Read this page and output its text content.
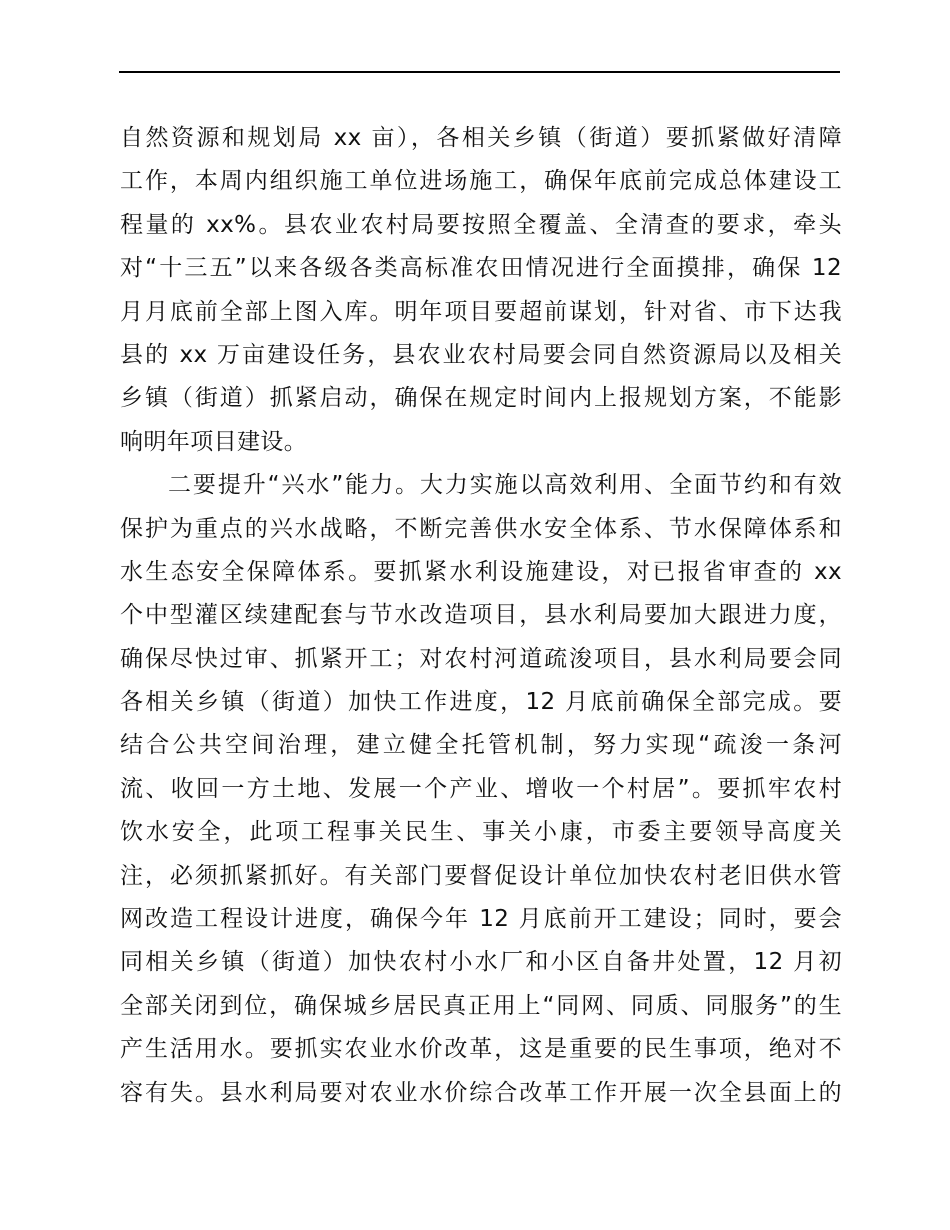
自然资源和规划局 xx 亩），各相关乡镇（街道）要抓紧做好清障
工作，本周内组织施工单位进场施工，确保年底前完成总体建设工
程量的 xx%。县农业农村局要按照全覆盖、全清查的要求，牵头
对“十三五”以来各级各类高标准农田情况进行全面摸排，确保 12
月月底前全部上图入库。明年项目要超前谋划，针对省、市下达我
县的 xx 万亩建设任务，县农业农村局要会同自然资源局以及相关
乡镇（街道）抓紧启动，确保在规定时间内上报规划方案，不能影
响明年项目建设。
二要提升“兴水”能力。大力实施以高效利用、全面节约和有效
保护为重点的兴水战略，不断完善供水安全体系、节水保障体系和
水生态安全保障体系。要抓紧水利设施建设，对已报省审查的 xx
个中型灌区续建配套与节水改造项目，县水利局要加大跟进力度，
确保尽快过审、抓紧开工；对农村河道疏浚项目，县水利局要会同
各相关乡镇（街道）加快工作进度，12 月底前确保全部完成。要
结合公共空间治理，建立健全托管机制，努力实现“疏浚一条河
流、收回一方土地、发展一个产业、增收一个村居”。要抓牢农村
饮水安全，此项工程事关民生、事关小康，市委主要领导高度关
注，必须抓紧抓好。有关部门要督促设计单位加快农村老旧供水管
网改造工程设计进度，确保今年 12 月底前开工建设；同时，要会
同相关乡镇（街道）加快农村小水厂和小区自备井处置，12 月初
全部关闭到位，确保城乡居民真正用上“同网、同质、同服务”的生
产生活用水。要抓实农业水价改革，这是重要的民生事项，绝对不
容有失。县水利局要对农业水价综合改革工作开展一次全县面上的
